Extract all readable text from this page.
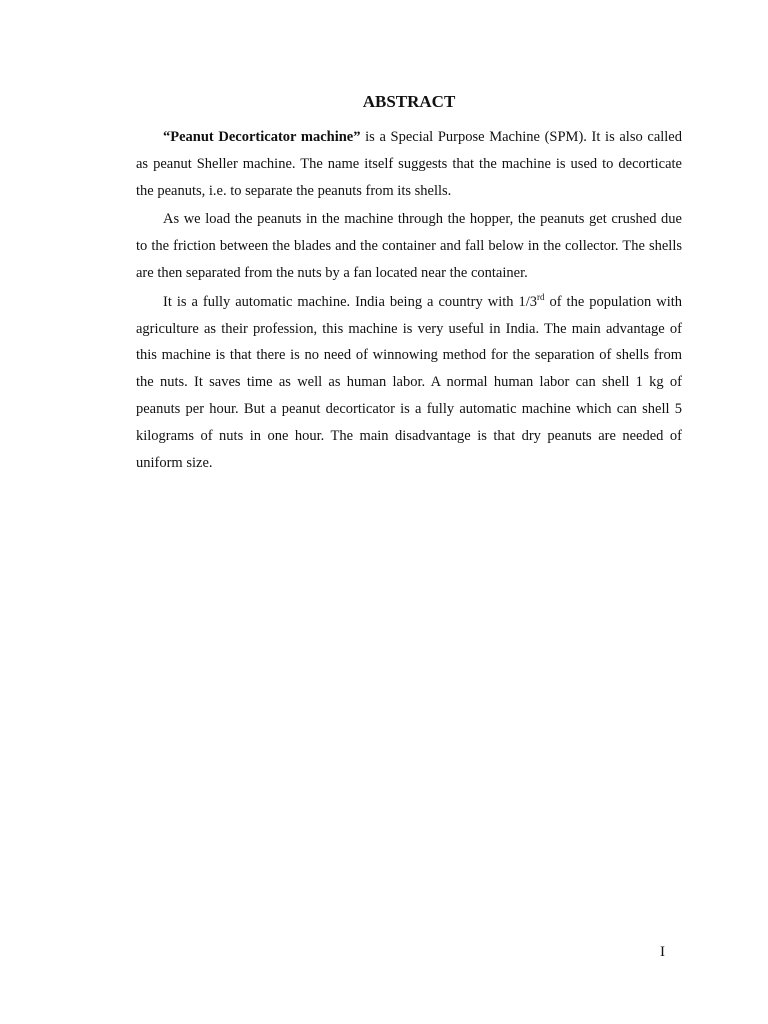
ABSTRACT

“Peanut Decorticator machine” is a Special Purpose Machine (SPM). It is also called as peanut Sheller machine. The name itself suggests that the machine is used to decorticate the peanuts, i.e. to separate the peanuts from its shells.

As we load the peanuts in the machine through the hopper, the peanuts get crushed due to the friction between the blades and the container and fall below in the collector. The shells are then separated from the nuts by a fan located near the container.

It is a fully automatic machine. India being a country with 1/3rd of the population with agriculture as their profession, this machine is very useful in India. The main advantage of this machine is that there is no need of winnowing method for the separation of shells from the nuts. It saves time as well as human labor. A normal human labor can shell 1 kg of peanuts per hour. But a peanut decorticator is a fully automatic machine which can shell 5 kilograms of nuts in one hour. The main disadvantage is that dry peanuts are needed of uniform size.

I
